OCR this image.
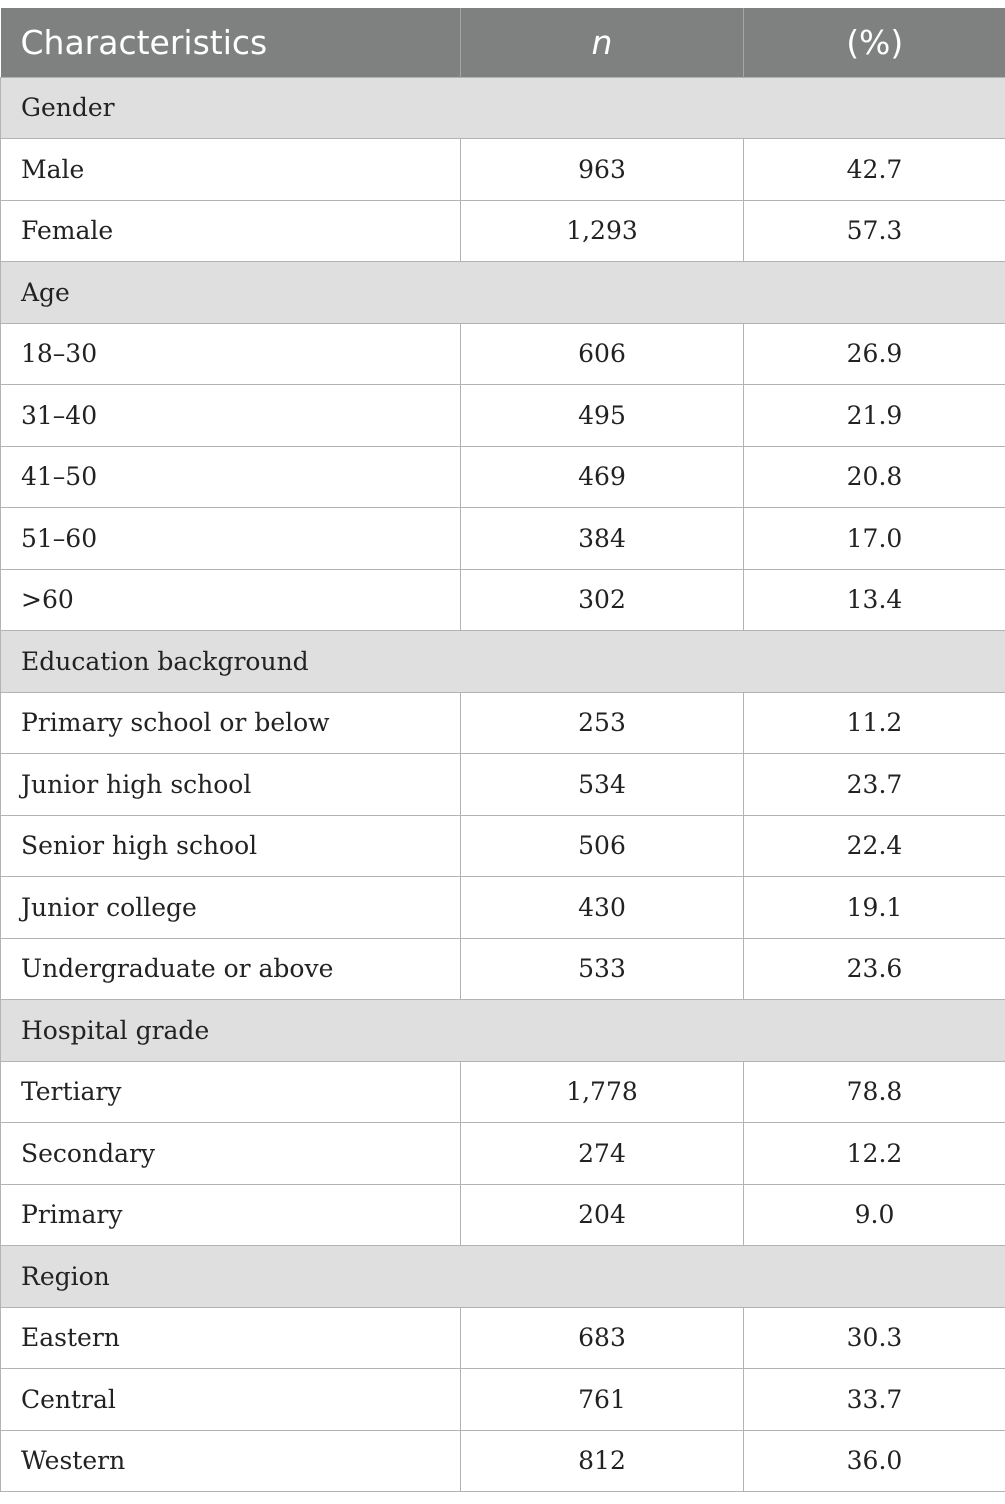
Characteristics	n	(%)
Gender		
Male	963	42.7
Female	1,293	57.3
Age		
18–30	606	26.9
31–40	495	21.9
41–50	469	20.8
51–60	384	17.0
>60	302	13.4
Education background		
Primary school or below	253	11.2
Junior high school	534	23.7
Senior high school	506	22.4
Junior college	430	19.1
Undergraduate or above	533	23.6
Hospital grade		
Tertiary	1,778	78.8
Secondary	274	12.2
Primary	204	9.0
Region		
Eastern	683	30.3
Central	761	33.7
Western	812	36.0
